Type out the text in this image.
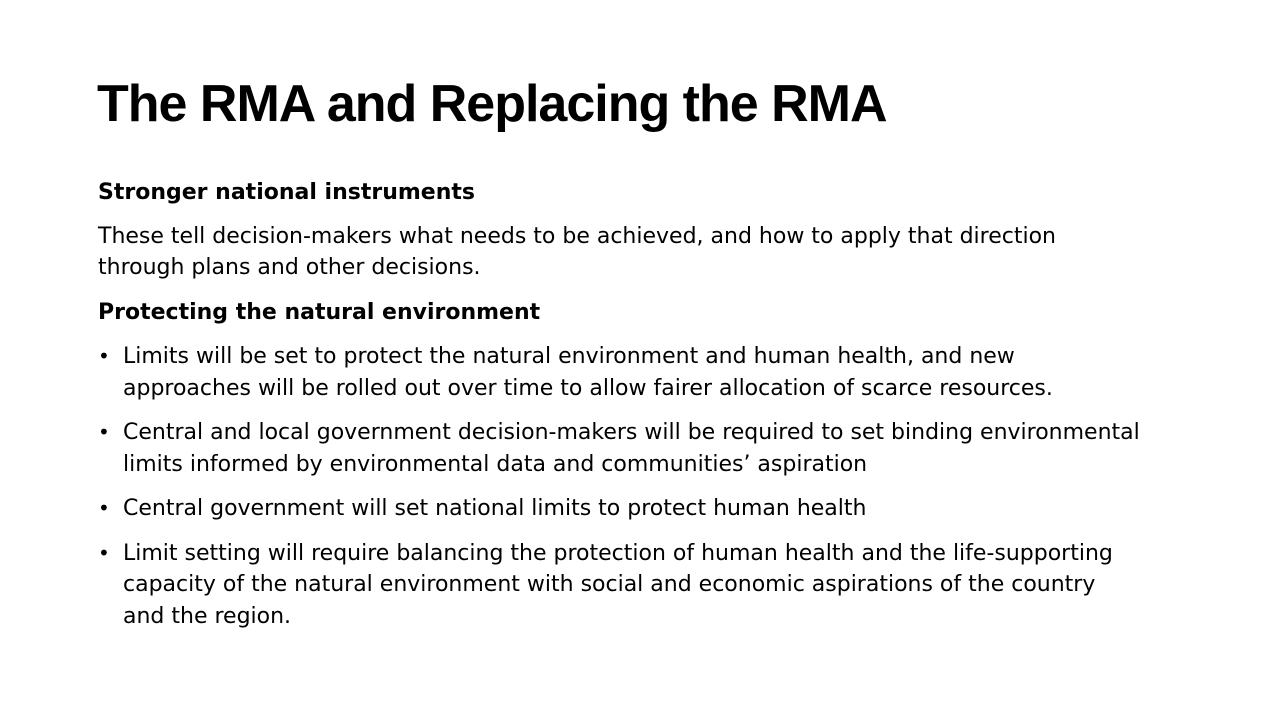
The RMA and Replacing the RMA

Stronger national instruments

These tell decision-makers what needs to be achieved, and how to apply that direction through plans and other decisions.

Protecting the natural environment

• Limits will be set to protect the natural environment and human health, and new approaches will be rolled out over time to allow fairer allocation of scarce resources.
• Central and local government decision-makers will be required to set binding environmental limits informed by environmental data and communities’ aspiration
• Central government will set national limits to protect human health
• Limit setting will require balancing the protection of human health and the life-supporting capacity of the natural environment with social and economic aspirations of the country and the region.
